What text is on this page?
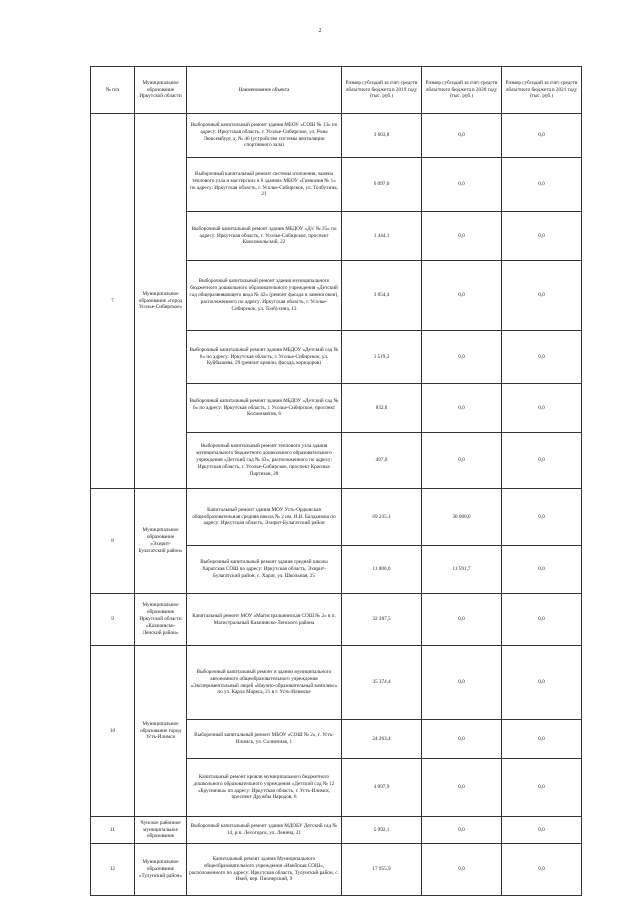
2
№ п/п	Муниципальное образование Иркутской области	Наименование объекта	Размер субсидий за счет средств областного бюджета в 2019 году (тыс. руб.)	Размер субсидий за счет средств областного бюджета в 2020 году (тыс. руб.)	Размер субсидий за счет средств областного бюджета в 2021 году (тыс. руб.)
7	Муниципальное образование «город Усолье-Сибирское»	Выборочный капитальный ремонт здания МБОУ «СОШ № 13» по адресу: Иркутская область, г. Усолье-Сибирское, ул. Розы Люксембург, д. № 46 (устройство системы вентиляции спортивного зала)	3 663,8	0,0	0,0
		Выборочный капитальный ремонт системы отопления, замена теплового узла и мастерских в 6 зданиях МБОУ «Гимназия № 1» по адресу: Иркутская область, г. Усолье-Сибирское, ул. Толбухина, 21	6 097,0	0,0	0,0
		Выборочный капитальный ремонт здания МБДОУ «Д/с № 25» по адресу: Иркутская область, г. Усолье-Сибирское, проспект Комсомольский, 22	1 444,1	0,0	0,0
		Выборочный капитальный ремонт здания муниципального бюджетного дошкольного образовательного учреждения «Детский сад общеразвивающего вида № 42» (ремонт фасада и замена окон), расположенного по адресу: Иркутская область, г. Усолье-Сибирское, ул. Толбухина, 13	3 054,4	0,0	0,0
		Выборочный капитальный ремонт здания МБДОУ «Детский сад № 8» по адресу: Иркутская область, г. Усолье-Сибирское, ул. Куйбышева, 29 (ремонт кровли, фасада, коридоров)	1 519,2	0,0	0,0
		Выборочный капитальный ремонт здания МБДОУ «Детский сад № 6» по адресу: Иркутская область, г. Усолье-Сибирское, проспект Космонавтов, 6	832,0	0,0	0,0
		Выборочный капитальный ремонт теплового узла здания муниципального бюджетного дошкольного образовательного учреждения «Детский сад № 43», расположенного по адресу: Иркутская область, г. Усолье-Сибирское, проспект Красных Партизан, 28	497,0	0,0	0,0
8	Муниципальное образование «Эхирит-Булагатский район»	Капитальный ремонт здания МОУ Усть-Ордынская общеобразовательная средняя школа № 2 им. И.В. Балдынова по адресу: Иркутская область, Эхирит-Булагатский район	69 235,1	30 000,0	0,0
		Выборочный капитальный ремонт здания средней школы Харатская СОШ по адресу: Иркутская область, Эхирит-Булагатский район, с. Харат, ул. Школьная, 25	11 000,0	11 591,7	0,0
9	Муниципальное образование Иркутской области «Казачинско-Ленский район»	Капитальный ремонт МОУ «Магистральнинская СОШ № 2» в п. Магистральный Казачинско-Ленского района	32 287,5	0,0	0,0
10	Муниципальное образование город Усть-Илимск	Выборочный капитальный ремонт в здании муниципального автономного общеобразовательного учреждения «Экспериментальный лицей «Научно-образовательный комплекс» по ул. Карла Маркса, 21 в г. Усть-Илимске	35 374,4	0,0	0,0
		Выборочный капитальный ремонт МБОУ «СОШ № 2», г. Усть-Илимск, ул. Солнечная, 1	24 263,4	0,0	0,0
		Капитальный ремонт кровли муниципального бюджетного дошкольного образовательного учреждения «Детский сад № 12 «Брусничка» по адресу: Иркутская область, г. Усть-Илимск, проспект Дружбы Народов, 6	4 097,9	0,0	0,0
11	Чунское районное муниципальное образование	Выборочный капитальный ремонт здания МДОБУ Детский сад № 14, р.п. Лесогорск, ул. Ленина, 21	5 092,1	0,0	0,0
12	Муниципальное образование «Тулунский район»	Капитальный ремонт здания Муниципального общеобразовательного учреждения «Икейская СОШ», расположенного по адресу: Иркутская область, Тулунский район, с. Икей, пер. Пионерский, 9	17 955,9	0,0	0,0
